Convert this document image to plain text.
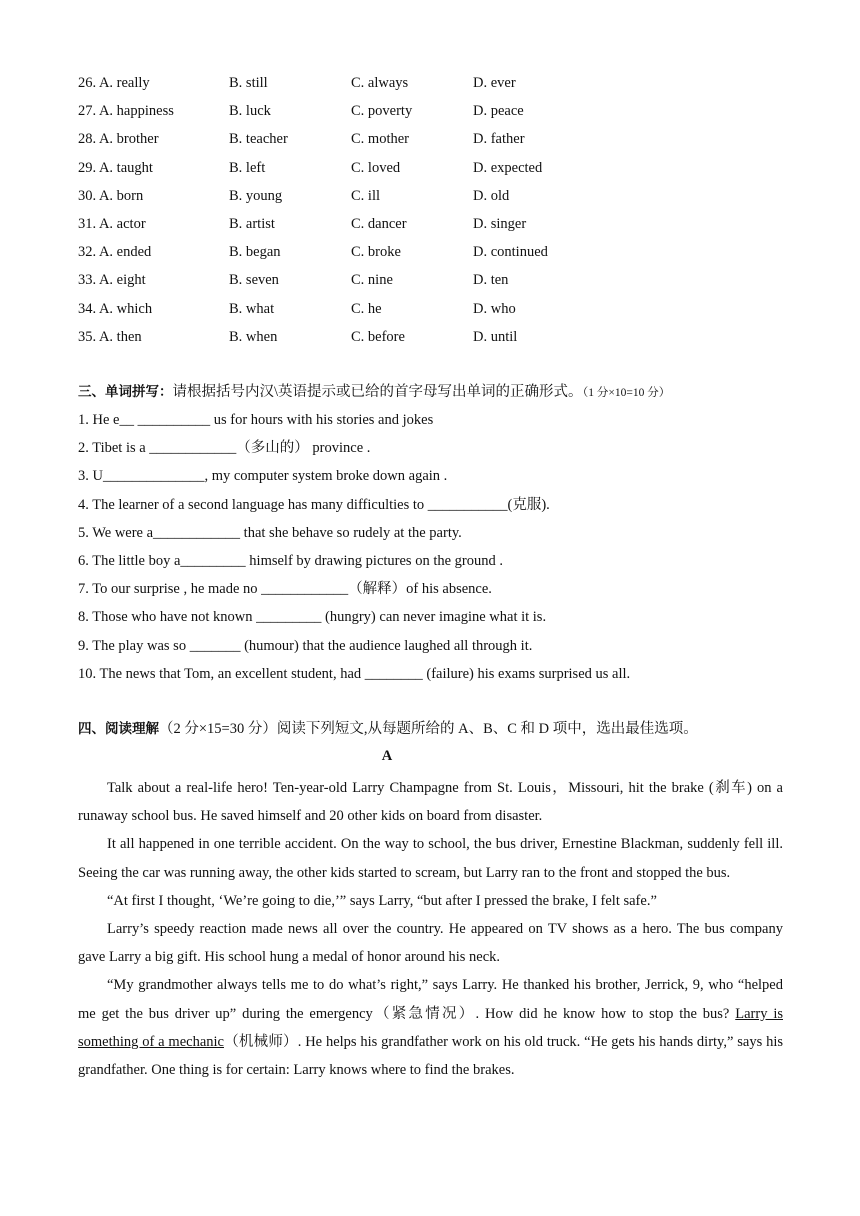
26. A. really	B. still	C. always	D. ever
27. A. happiness	B. luck	C. poverty	D. peace
28. A. brother	B. teacher	C. mother	D. father
29. A. taught	B. left	C. loved	D. expected
30. A. born	B. young	C. ill	D. old
31. A. actor	B. artist	C. dancer	D. singer
32. A. ended	B. began	C. broke	D. continued
33. A. eight	B. seven	C. nine	D. ten
34. A. which	B. what	C. he	D. who
35. A. then	B. when	C. before	D. until
三、单词拼写：请根据括号内汉\英语提示或已给的首字母写出单词的正确形式。（1 分×10=10 分）
1. He e__ __________ us for hours with his stories and jokes
2. Tibet is a ____________（多山的） province .
3. U______________, my computer system broke down again .
4. The learner of a second language has many difficulties to ___________(克服).
5. We were a____________ that she behave so rudely at the party.
6. The little boy a_________ himself by drawing pictures on the ground .
7. To our surprise , he made no ____________（解释）of his absence.
8. Those who have not known _________ (hungry) can never imagine what it is.
9. The play was so _______ (humour) that the audience laughed all through it.
10. The news that Tom, an excellent student, had ________ (failure) his exams surprised us all.
四、阅读理解（2 分×15=30 分）阅读下列短文,从每题所给的 A、B、C 和 D 项中，选出最佳选项。
A

Talk about a real-life hero! Ten-year-old Larry Champagne from St. Louis，Missouri, hit the brake (刹车) on a runaway school bus. He saved himself and 20 other kids on board from disaster.

It all happened in one terrible accident. On the way to school, the bus driver, Ernestine Blackman, suddenly fell ill. Seeing the car was running away, the other kids started to scream, but Larry ran to the front and stopped the bus.

“At first I thought, ‘We’re going to die,’” says Larry, “but after I pressed the brake, I felt safe.”

Larry’s speedy reaction made news all over the country. He appeared on TV shows as a hero. The bus company gave Larry a big gift. His school hung a medal of honor around his neck.

“My grandmother always tells me to do what’s right,” says Larry. He thanked his brother, Jerrick, 9, who “helped me get the bus driver up” during the emergency（紧急情况）. How did he know how to stop the bus? Larry is something of a mechanic（机械师）. He helps his grandfather work on his old truck. “He gets his hands dirty,” says his grandfather. One thing is for certain: Larry knows where to find the brakes.
